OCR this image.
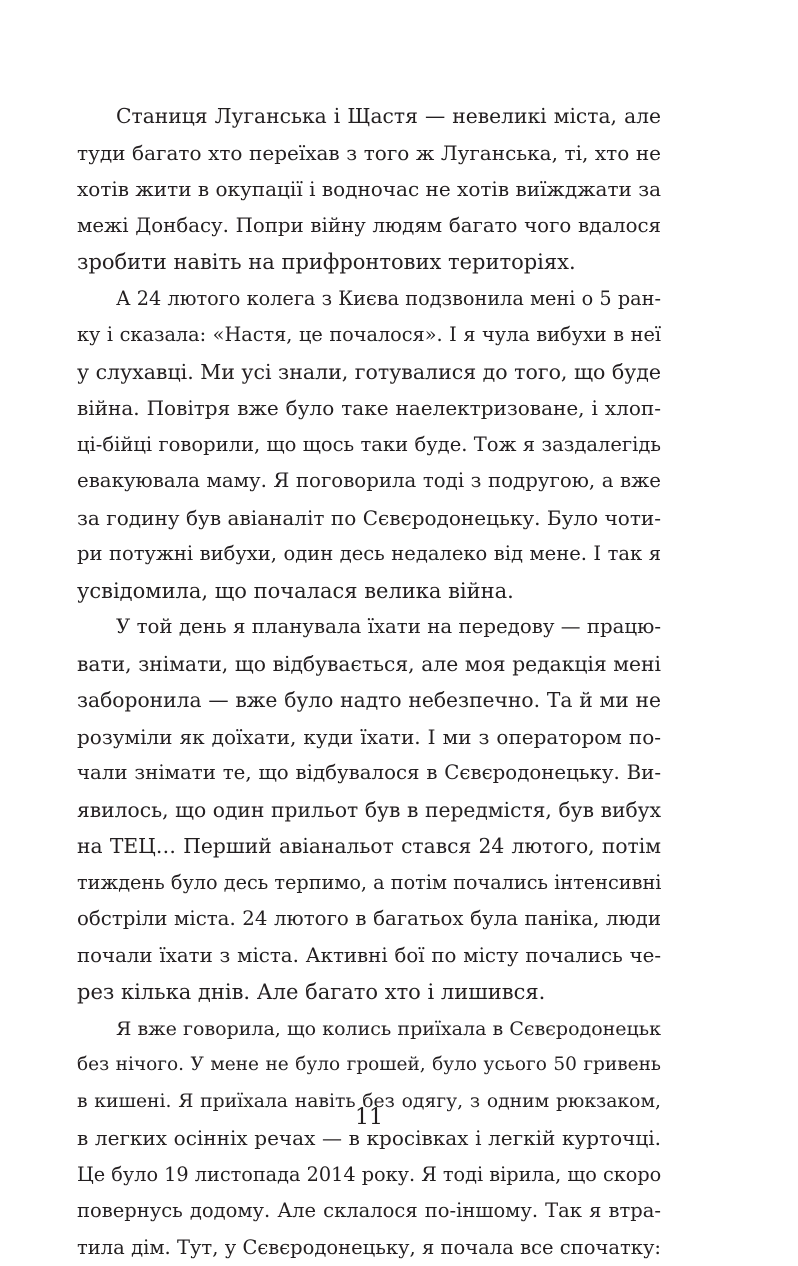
Станиця Луганська і Щастя — невеликі міста, але
туди багато хто переїхав з того ж Луганська, ті, хто не
хотів жити в окупації і водночас не хотів виїжджати за
межі Донбасу. Попри війну людям багато чого вдалося
зробити навіть на прифронтових територіях.
А 24 лютого колега з Києва подзвонила мені о 5 ран-
ку і сказала: «Настя, це почалося». І я чула вибухи в неї
у слухавці. Ми усі знали, готувалися до того, що буде
війна. Повітря вже було таке наелектризоване, і хлоп-
ці-бійці говорили, що щось таки буде. Тож я заздалегідь
евакуювала маму. Я поговорила тоді з подругою, а вже
за годину був авіаналіт по Сєвєродонецьку. Було чоти-
ри потужні вибухи, один десь недалеко від мене. І так я
усвідомила, що почалася велика війна.
У той день я планувала їхати на передову — працю-
вати, знімати, що відбувається, але моя редакція мені
заборонила — вже було надто небезпечно. Та й ми не
розуміли як доїхати, куди їхати. І ми з оператором по-
чали знімати те, що відбувалося в Сєвєродонецьку. Ви-
явилось, що один прильот був в передмістя, був вибух
на ТЕЦ… Перший авіанальот стався 24 лютого, потім
тиждень було десь терпимо, а потім почались інтенсивні
обстріли міста. 24 лютого в багатьох була паніка, люди
почали їхати з міста. Активні бої по місту почались че-
рез кілька днів. Але багато хто і лишився.
Я вже говорила, що колись приїхала в Сєвєродонецьк
без нічого. У мене не було грошей, було усього 50 гривень
в кишені. Я приїхала навіть без одягу, з одним рюкзаком,
в легких осінніх речах — в кросівках і легкій курточці.
Це було 19 листопада 2014 року. Я тоді вірила, що скоро
повернусь додому. Але склалося по-іншому. Так я втра-
тила дім. Тут, у Сєвєродонецьку, я почала все спочатку:
11
